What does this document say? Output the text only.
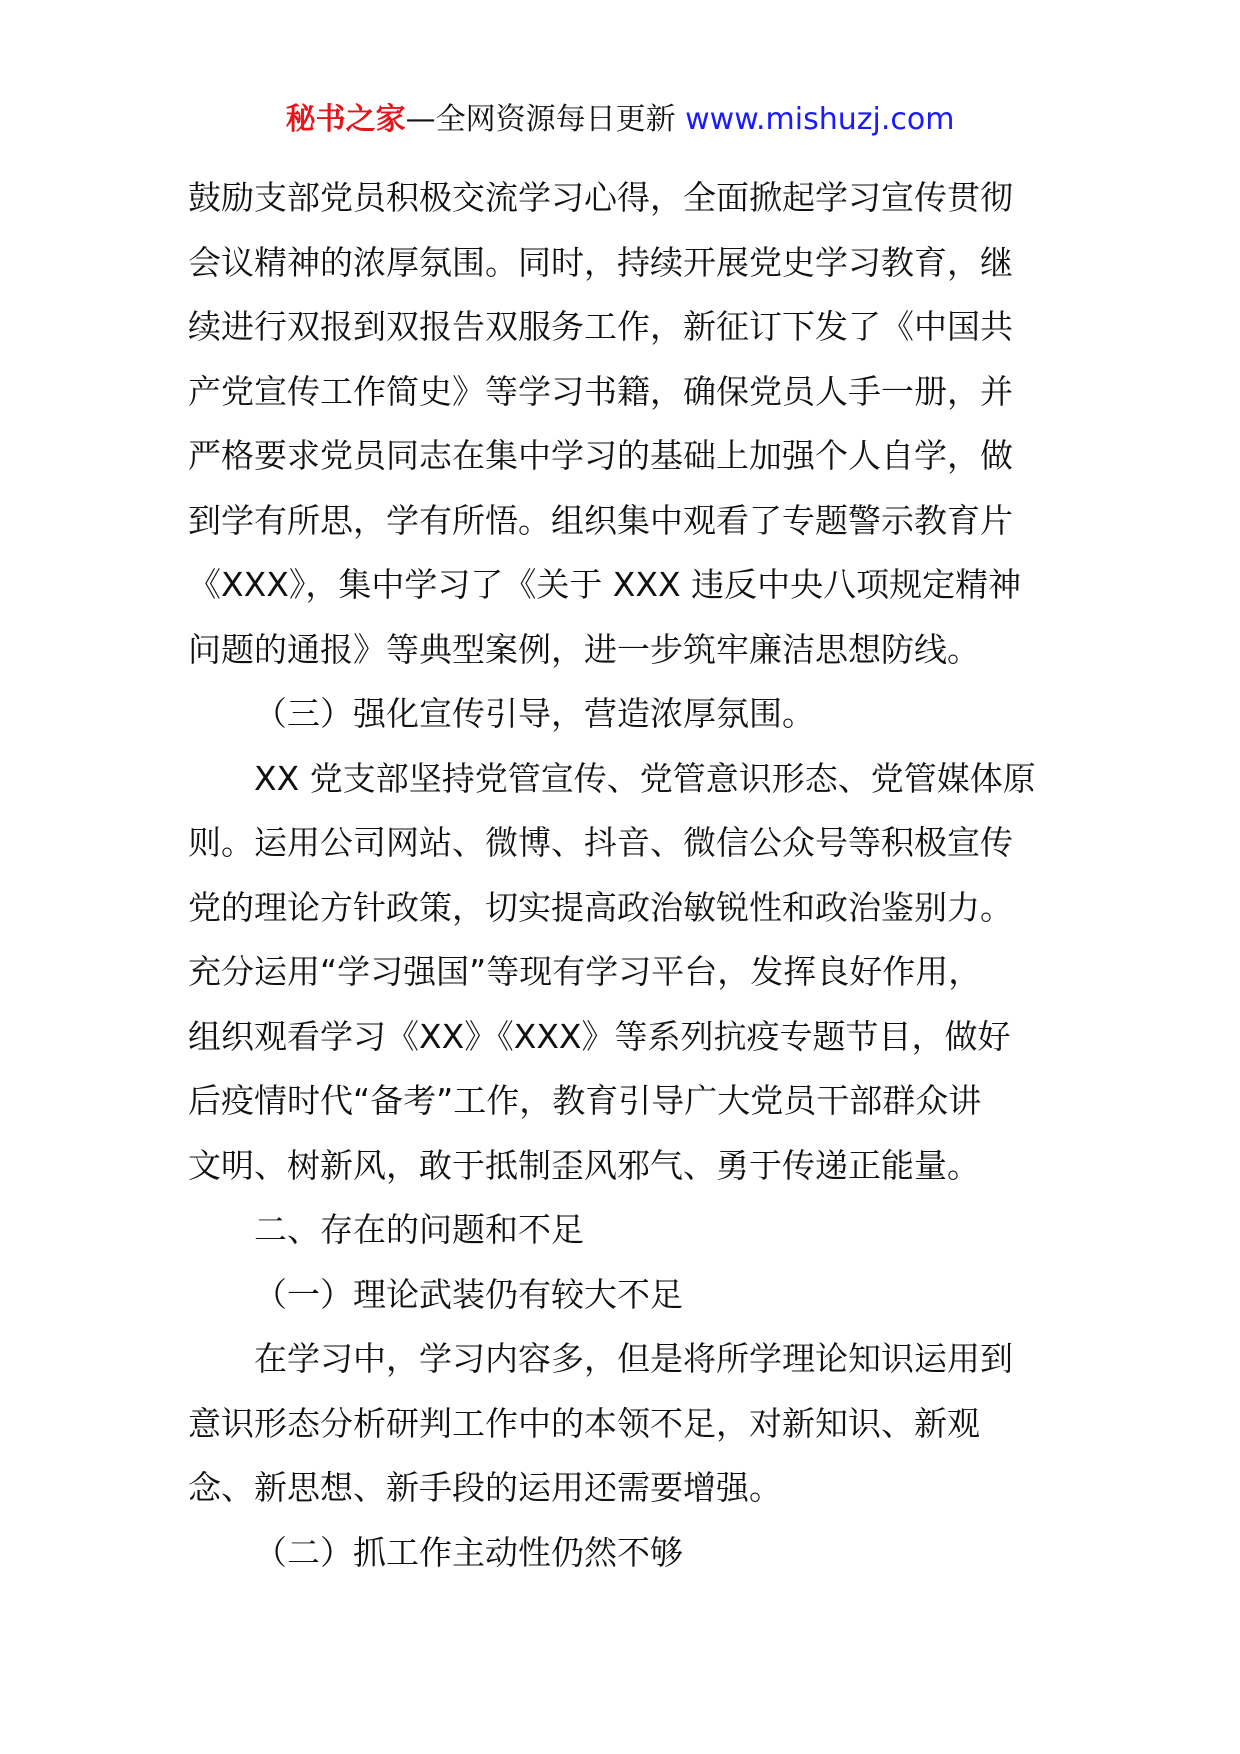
秘书之家—全网资源每日更新 www.mishuzj.com
鼓励支部党员积极交流学习心得，全面掀起学习宣传贯彻
会议精神的浓厚氛围。同时，持续开展党史学习教育，继
续进行双报到双报告双服务工作，新征订下发了《中国共
产党宣传工作简史》等学习书籍，确保党员人手一册，并
严格要求党员同志在集中学习的基础上加强个人自学，做
到学有所思，学有所悟。组织集中观看了专题警示教育片
《XXX》，集中学习了《关于 XXX 违反中央八项规定精神
问题的通报》等典型案例，进一步筑牢廉洁思想防线。
（三）强化宣传引导，营造浓厚氛围。
XX 党支部坚持党管宣传、党管意识形态、党管媒体原
则。运用公司网站、微博、抖音、微信公众号等积极宣传
党的理论方针政策，切实提高政治敏锐性和政治鉴别力。
充分运用“学习强国”等现有学习平台，发挥良好作用，
组织观看学习《XX》《XXX》等系列抗疫专题节目，做好
后疫情时代“备考”工作，教育引导广大党员干部群众讲
文明、树新风，敢于抵制歪风邪气、勇于传递正能量。
二、存在的问题和不足
（一）理论武装仍有较大不足
在学习中，学习内容多，但是将所学理论知识运用到
意识形态分析研判工作中的本领不足，对新知识、新观
念、新思想、新手段的运用还需要增强。
（二）抓工作主动性仍然不够
